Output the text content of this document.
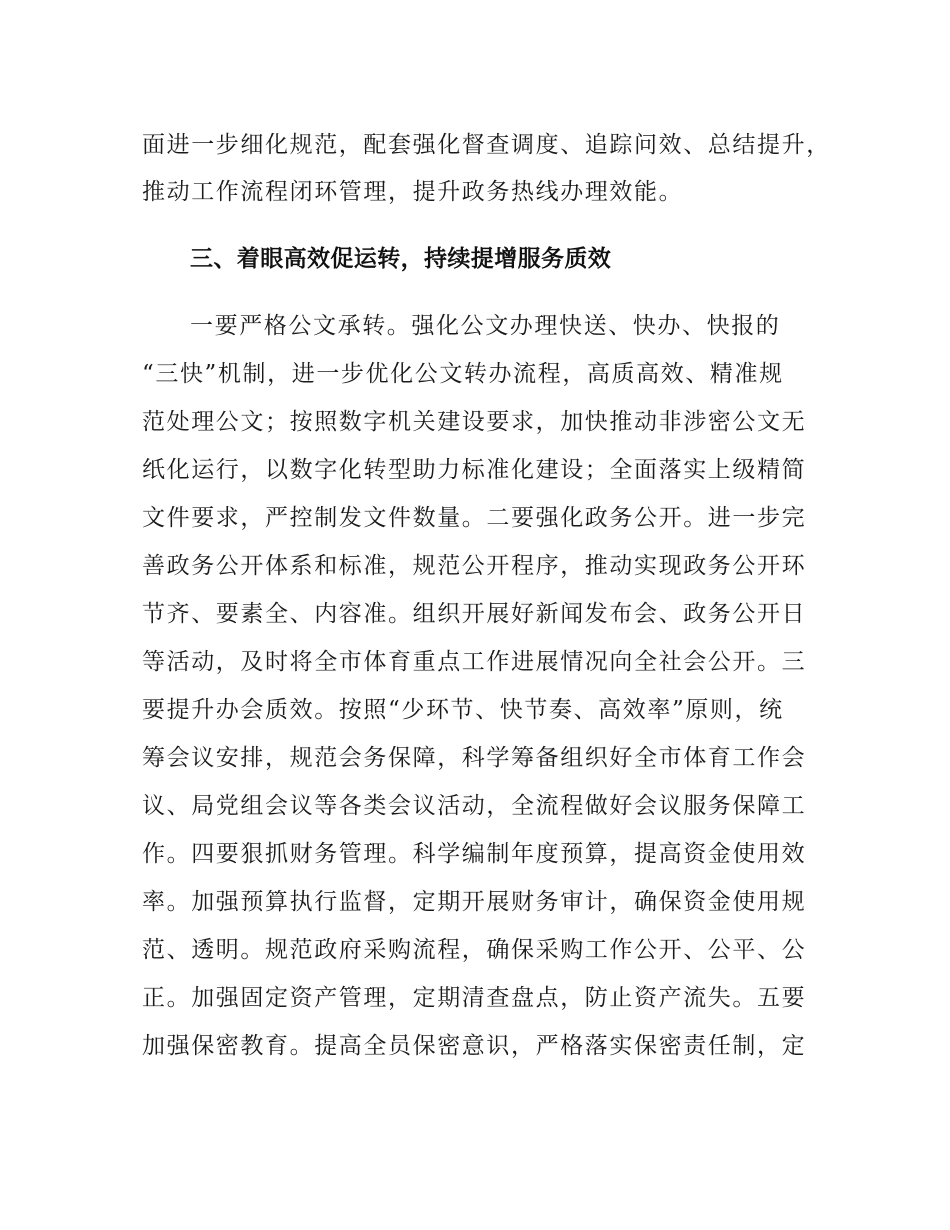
面进一步细化规范，配套强化督查调度、追踪问效、总结提升，
推动工作流程闭环管理，提升政务热线办理效能。
三、着眼高效促运转，持续提增服务质效
一要严格公文承转。强化公文办理快送、快办、快报的
“三快”机制，进一步优化公文转办流程，高质高效、精准规
范处理公文；按照数字机关建设要求，加快推动非涉密公文无
纸化运行，以数字化转型助力标准化建设；全面落实上级精简
文件要求，严控制发文件数量。二要强化政务公开。进一步完
善政务公开体系和标准，规范公开程序，推动实现政务公开环
节齐、要素全、内容准。组织开展好新闻发布会、政务公开日
等活动，及时将全市体育重点工作进展情况向全社会公开。三
要提升办会质效。按照“少环节、快节奏、高效率”原则，统
筹会议安排，规范会务保障，科学筹备组织好全市体育工作会
议、局党组会议等各类会议活动，全流程做好会议服务保障工
作。四要狠抓财务管理。科学编制年度预算，提高资金使用效
率。加强预算执行监督，定期开展财务审计，确保资金使用规
范、透明。规范政府采购流程，确保采购工作公开、公平、公
正。加强固定资产管理，定期清查盘点，防止资产流失。五要
加强保密教育。提高全员保密意识，严格落实保密责任制，定
